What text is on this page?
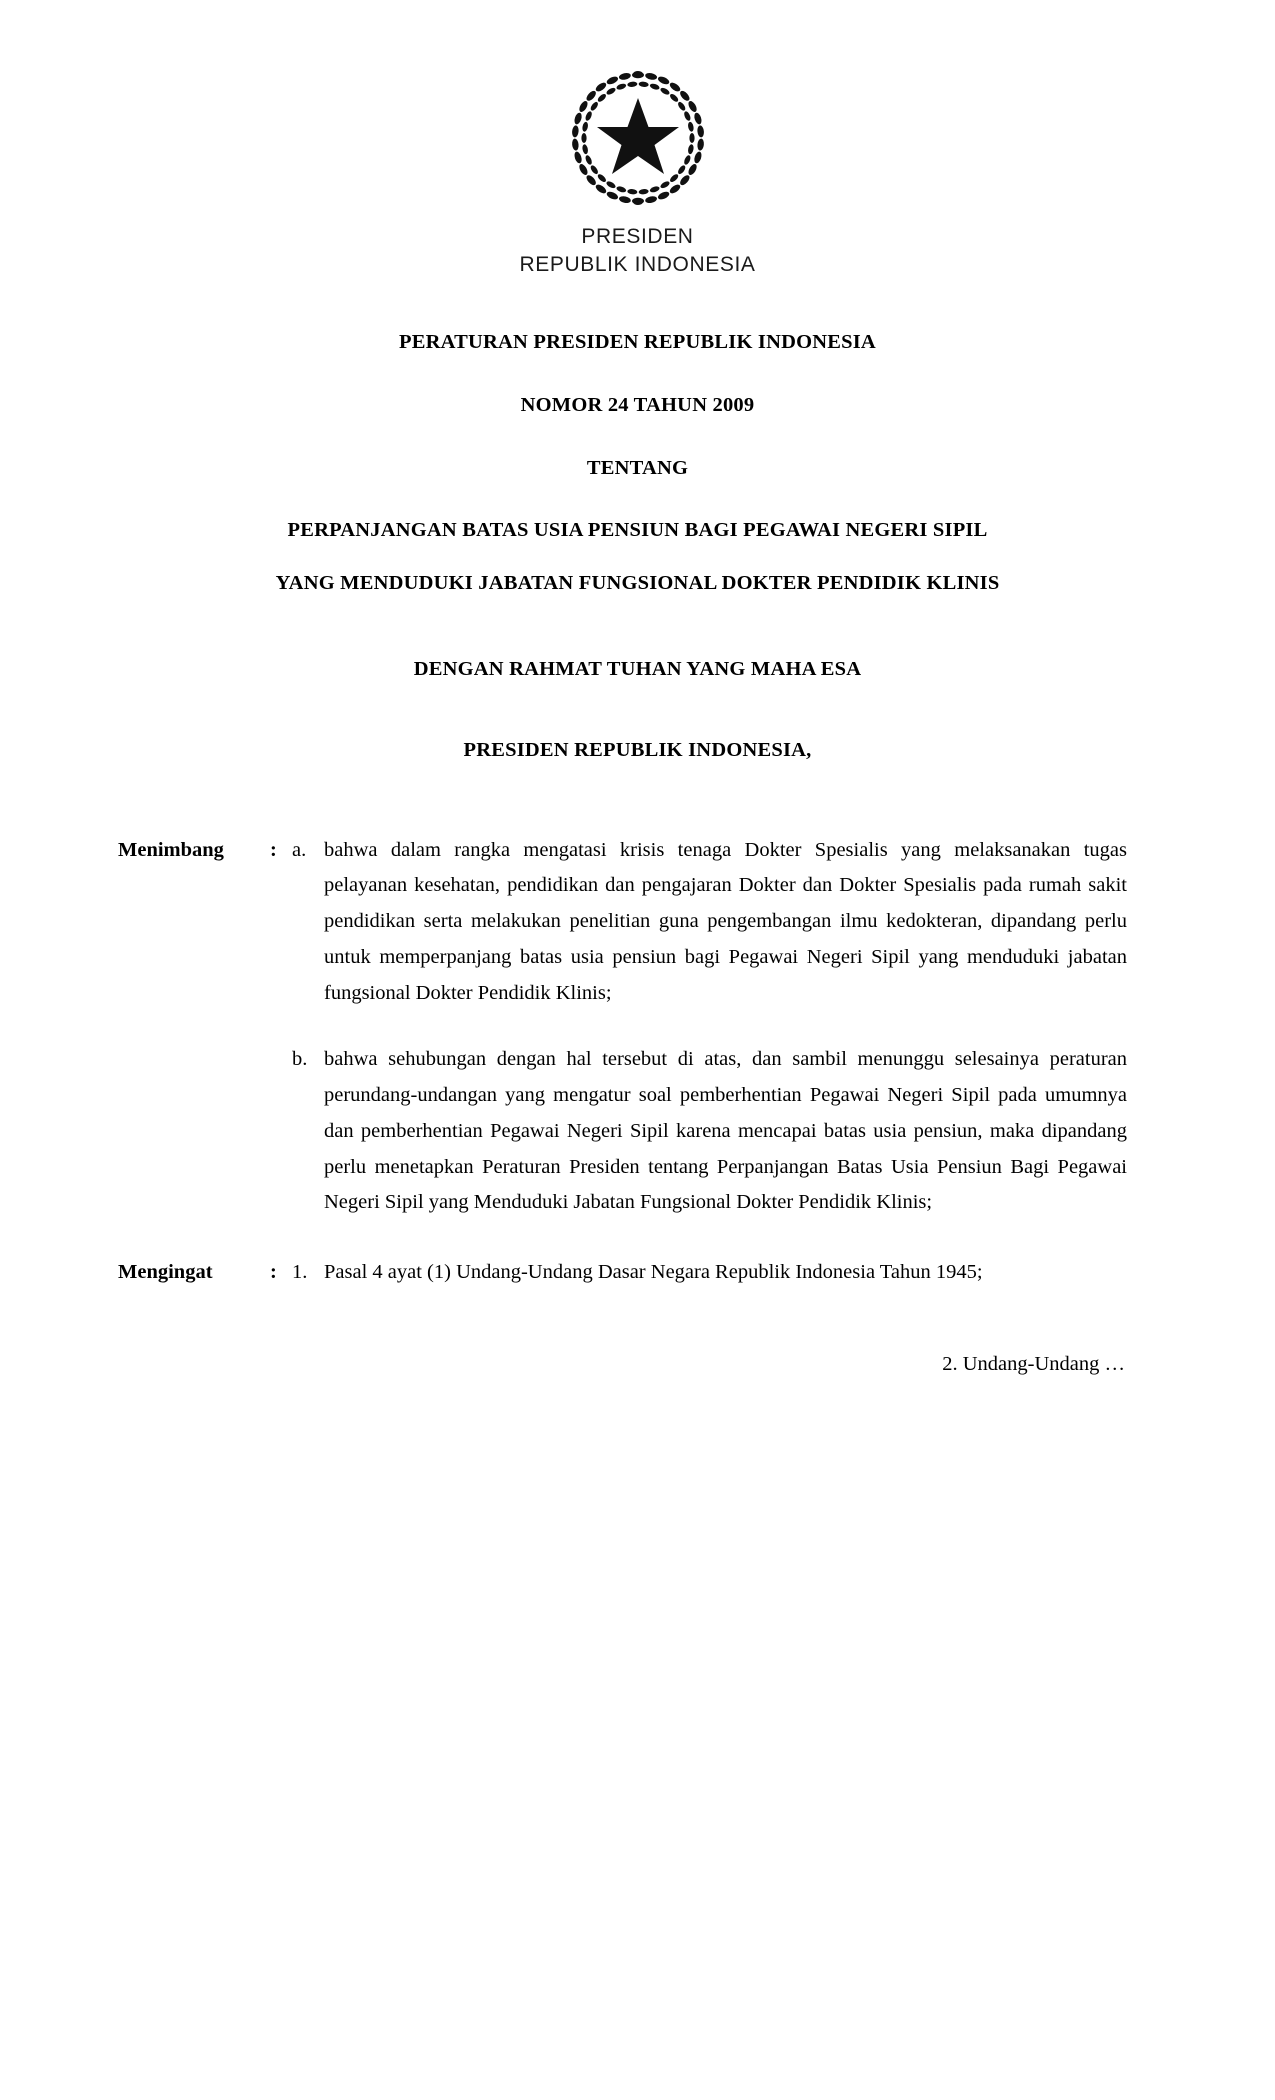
PRESIDEN
REPUBLIK INDONESIA
PERATURAN PRESIDEN REPUBLIK INDONESIA
NOMOR 24 TAHUN 2009
TENTANG
PERPANJANGAN BATAS USIA PENSIUN BAGI PEGAWAI NEGERI SIPIL
YANG MENDUDUKI JABATAN FUNGSIONAL DOKTER PENDIDIK KLINIS
DENGAN RAHMAT TUHAN YANG MAHA ESA
PRESIDEN REPUBLIK INDONESIA,
Menimbang	: a. bahwa dalam rangka mengatasi krisis tenaga Dokter Spesialis yang melaksanakan tugas pelayanan kesehatan, pendidikan dan pengajaran Dokter dan Dokter Spesialis pada rumah sakit pendidikan serta melakukan penelitian guna pengembangan ilmu kedokteran, dipandang perlu untuk memperpanjang batas usia pensiun bagi Pegawai Negeri Sipil yang menduduki jabatan fungsional Dokter Pendidik Klinis;
b. bahwa sehubungan dengan hal tersebut di atas, dan sambil menunggu selesainya peraturan perundang-undangan yang mengatur soal pemberhentian Pegawai Negeri Sipil pada umumnya dan pemberhentian Pegawai Negeri Sipil karena mencapai batas usia pensiun, maka dipandang perlu menetapkan Peraturan Presiden tentang Perpanjangan Batas Usia Pensiun Bagi Pegawai Negeri Sipil yang Menduduki Jabatan Fungsional Dokter Pendidik Klinis;
Mengingat	: 1. Pasal 4 ayat (1) Undang-Undang Dasar Negara Republik Indonesia Tahun 1945;
2. Undang-Undang …
